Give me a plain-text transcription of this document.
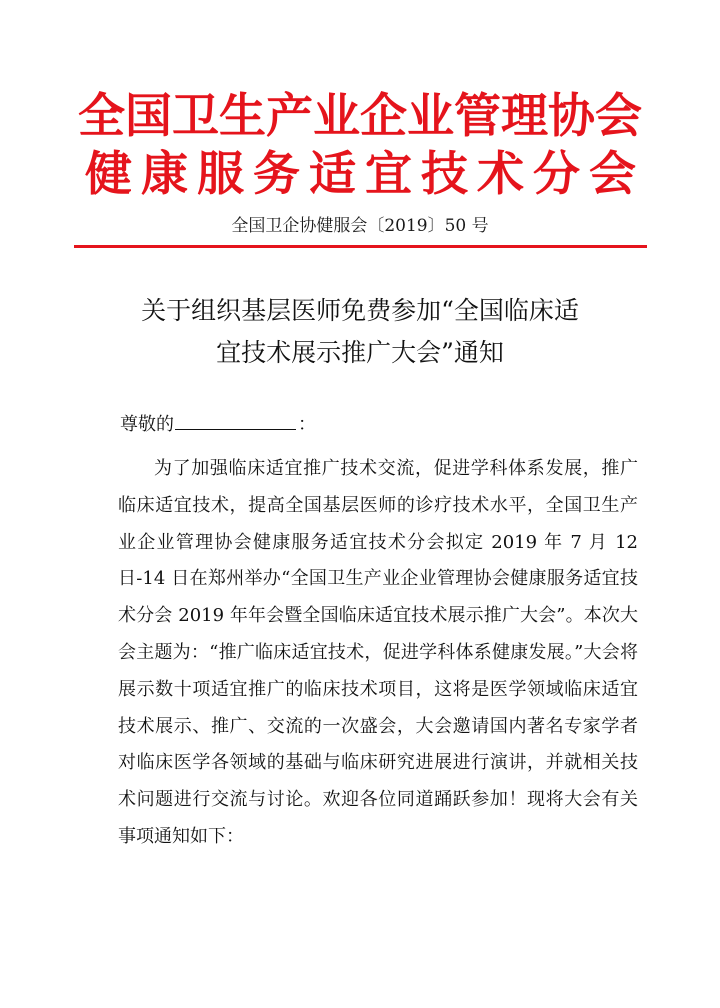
全国卫生产业企业管理协会
健康服务适宜技术分会
全国卫企协健服会〔2019〕50 号
关于组织基层医师免费参加“全国临床适
宜技术展示推广大会”通知
尊敬的	：
为了加强临床适宜推广技术交流，促进学科体系发展，推广临床适宜技术，提高全国基层医师的诊疗技术水平，全国卫生产业企业管理协会健康服务适宜技术分会拟定 2019 年 7 月 12 日-14 日在郑州举办“全国卫生产业企业管理协会健康服务适宜技术分会 2019 年年会暨全国临床适宜技术展示推广大会”。本次大会主题为：“推广临床适宜技术，促进学科体系健康发展。”大会将展示数十项适宜推广的临床技术项目，这将是医学领域临床适宜技术展示、推广、交流的一次盛会，大会邀请国内著名专家学者对临床医学各领域的基础与临床研究进展进行演讲，并就相关技术问题进行交流与讨论。欢迎各位同道踊跃参加！现将大会有关事项通知如下：
